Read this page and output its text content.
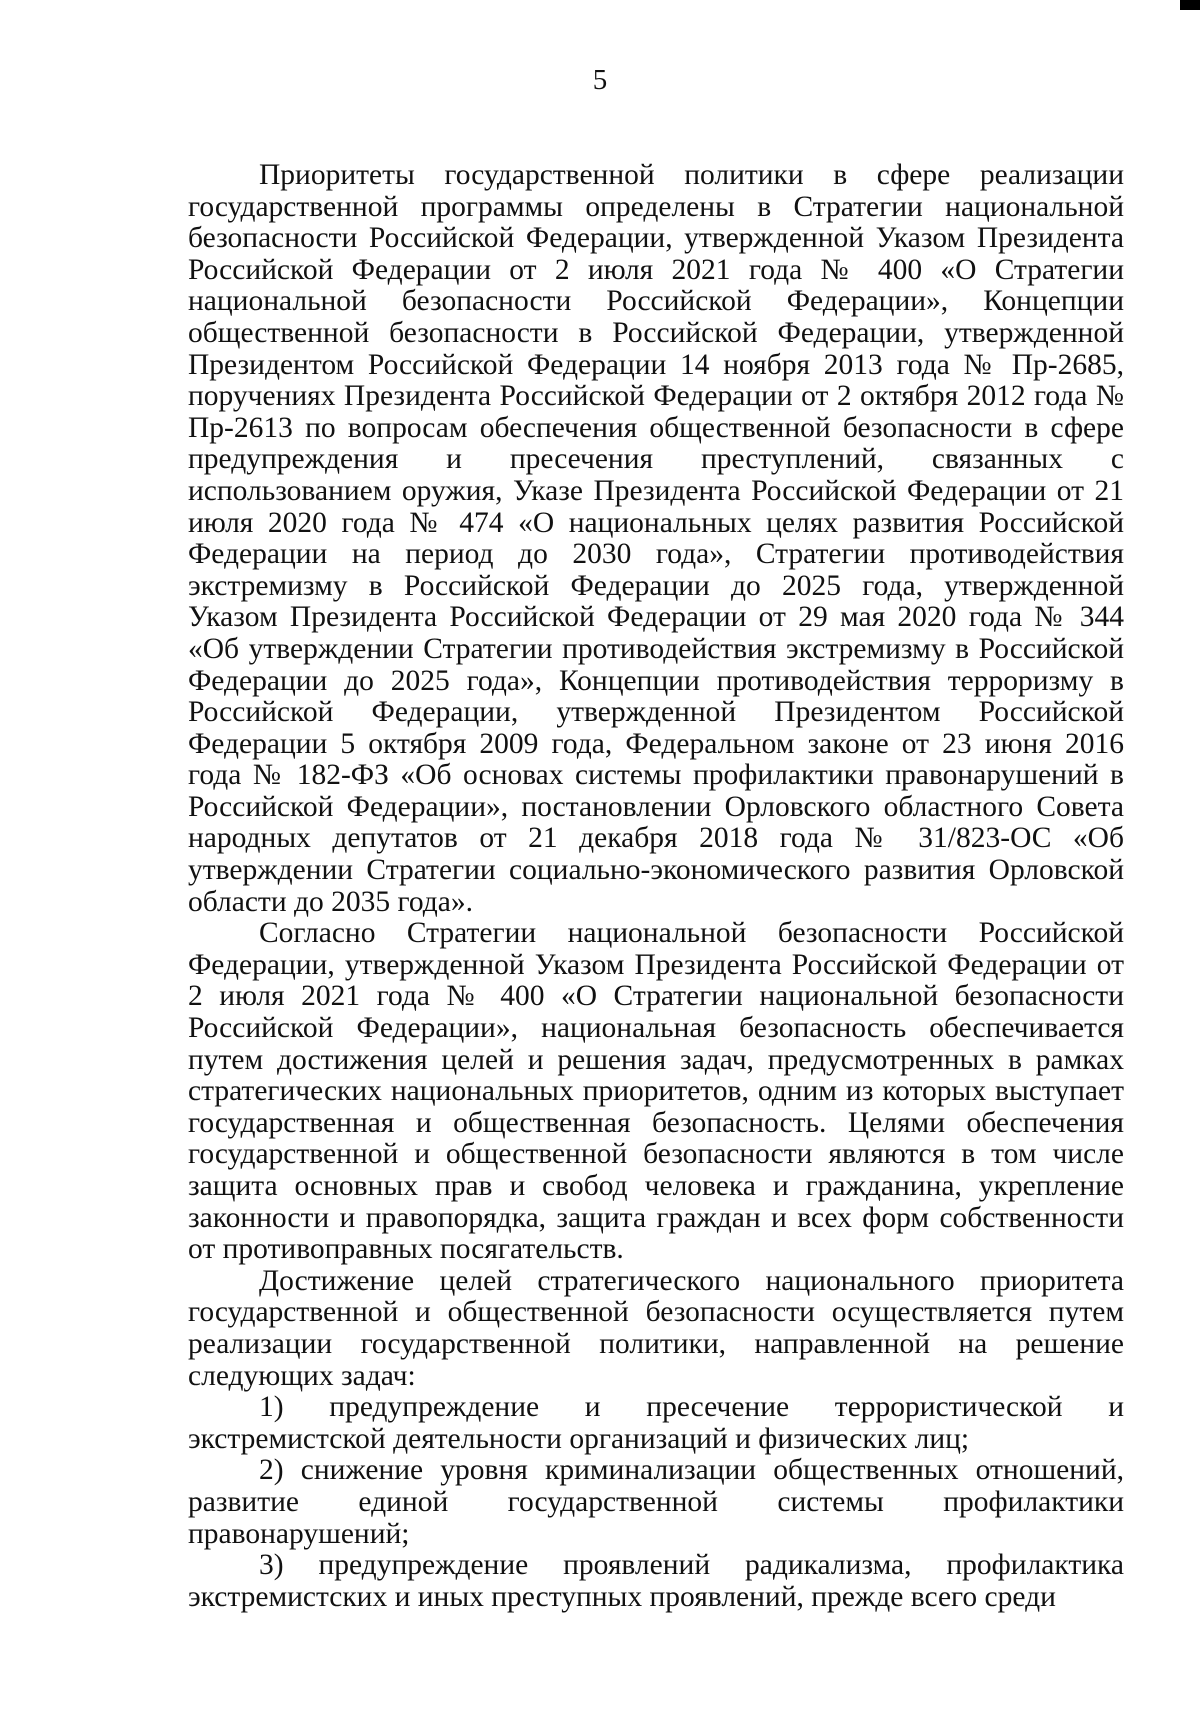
5

Приоритеты государственной политики в сфере реализации государственной программы определены в Стратегии национальной безопасности Российской Федерации, утвержденной Указом Президента Российской Федерации от 2 июля 2021 года № 400 «О Стратегии национальной безопасности Российской Федерации», Концепции общественной безопасности в Российской Федерации, утвержденной Президентом Российской Федерации 14 ноября 2013 года № Пр-2685, поручениях Президента Российской Федерации от 2 октября 2012 года № Пр-2613 по вопросам обеспечения общественной безопасности в сфере предупреждения и пресечения преступлений, связанных с использованием оружия, Указе Президента Российской Федерации от 21 июля 2020 года № 474 «О национальных целях развития Российской Федерации на период до 2030 года», Стратегии противодействия экстремизму в Российской Федерации до 2025 года, утвержденной Указом Президента Российской Федерации от 29 мая 2020 года № 344 «Об утверждении Стратегии противодействия экстремизму в Российской Федерации до 2025 года», Концепции противодействия терроризму в Российской Федерации, утвержденной Президентом Российской Федерации 5 октября 2009 года, Федеральном законе от 23 июня 2016 года № 182-ФЗ «Об основах системы профилактики правонарушений в Российской Федерации», постановлении Орловского областного Совета народных депутатов от 21 декабря 2018 года № 31/823-ОС «Об утверждении Стратегии социально-экономического развития Орловской области до 2035 года».

Согласно Стратегии национальной безопасности Российской Федерации, утвержденной Указом Президента Российской Федерации от 2 июля 2021 года № 400 «О Стратегии национальной безопасности Российской Федерации», национальная безопасность обеспечивается путем достижения целей и решения задач, предусмотренных в рамках стратегических национальных приоритетов, одним из которых выступает государственная и общественная безопасность. Целями обеспечения государственной и общественной безопасности являются в том числе защита основных прав и свобод человека и гражданина, укрепление законности и правопорядка, защита граждан и всех форм собственности от противоправных посягательств.

Достижение целей стратегического национального приоритета государственной и общественной безопасности осуществляется путем реализации государственной политики, направленной на решение следующих задач:

1) предупреждение и пресечение террористической и экстремистской деятельности организаций и физических лиц;

2) снижение уровня криминализации общественных отношений, развитие единой государственной системы профилактики правонарушений;

3) предупреждение проявлений радикализма, профилактика экстремистских и иных преступных проявлений, прежде всего среди
